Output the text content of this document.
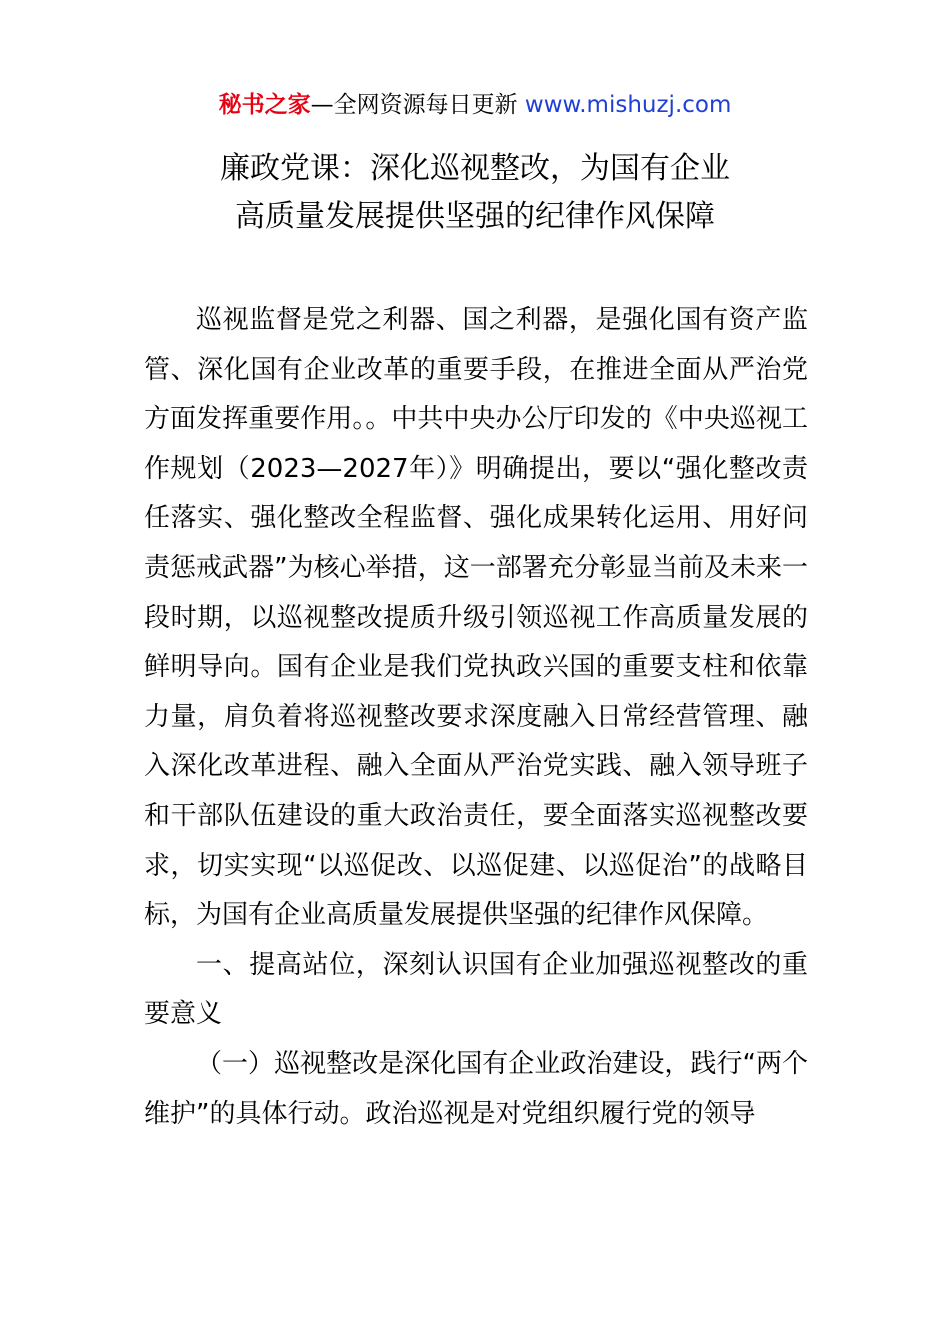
秘书之家—全网资源每日更新 www.mishuzj.com
廉政党课：深化巡视整改，为国有企业
高质量发展提供坚强的纪律作风保障

巡视监督是党之利器、国之利器，是强化国有资产监管、深化国有企业改革的重要手段，在推进全面从严治党方面发挥重要作用。。中共中央办公厅印发的《中央巡视工作规划（2023—2027年）》明确提出，要以“强化整改责任落实、强化整改全程监督、强化成果转化运用、用好问责惩戒武器”为核心举措，这一部署充分彰显当前及未来一段时期，以巡视整改提质升级引领巡视工作高质量发展的鲜明导向。国有企业是我们党执政兴国的重要支柱和依靠力量，肩负着将巡视整改要求深度融入日常经营管理、融入深化改革进程、融入全面从严治党实践、融入领导班子和干部队伍建设的重大政治责任，要全面落实巡视整改要求，切实实现“以巡促改、以巡促建、以巡促治”的战略目标，为国有企业高质量发展提供坚强的纪律作风保障。

一、提高站位，深刻认识国有企业加强巡视整改的重要意义

（一）巡视整改是深化国有企业政治建设，践行“两个维护”的具体行动。政治巡视是对党组织履行党的领导
